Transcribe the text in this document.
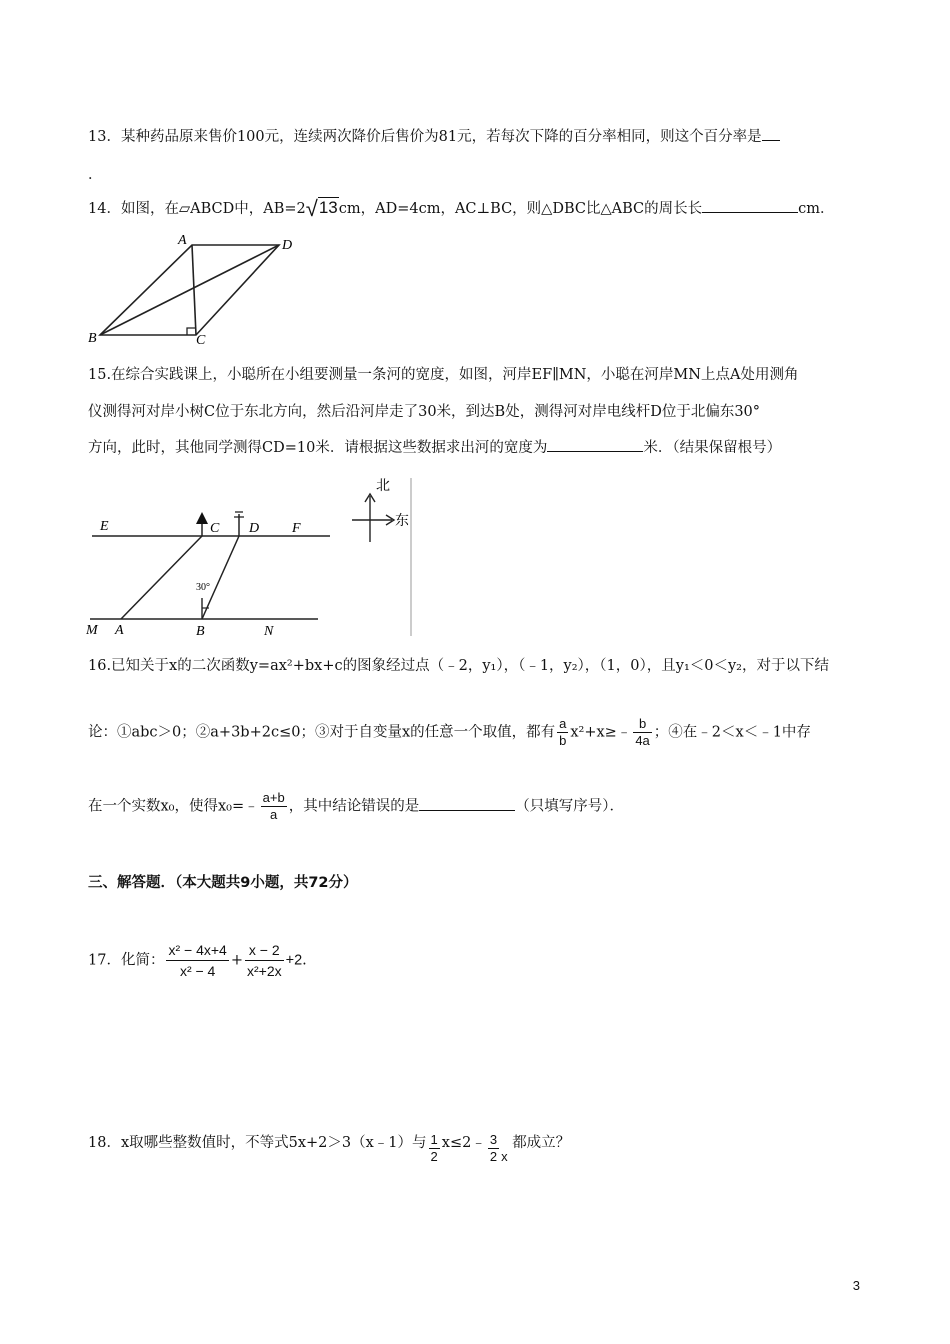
13．某种药品原来售价100元，连续两次降价后售价为81元，若每次下降的百分率相同，则这个百分率是
．
14．如图，在▱ABCD中，AB=2√13cm，AD=4cm，AC⊥BC，则△DBC比△ABC的周长长	cm．
A	D
B	C
15.在综合实践课上，小聪所在小组要测量一条河的宽度，如图，河岸EF∥MN，小聪在河岸MN上点A处用测角
仪测得河对岸小树C位于东北方向，然后沿河岸走了30米，到达B处，测得河对岸电线杆D位于北偏东30°
方向，此时，其他同学测得CD=10米．请根据这些数据求出河的宽度为	米．（结果保留根号）
30°
E	C D F
M A	B	N
北
东
16.已知关于x的二次函数y=ax²+bx+c的图象经过点（﹣2，y₁），（﹣1，y₂），（1，0），且y₁＜0＜y₂，对于以下结
论：①abc＞0；②a+3b+2c≤0；③对于自变量x的任意一个取值，都有 $\frac{a}{b}$ x²+x≥﹣ $\frac{b}{4a}$ ；④在﹣2＜x＜﹣1中存
在一个实数x₀，使得x₀=﹣ $\frac{a+b}{a}$ ，其中结论错误的是	（只填写序号）．
三、解答题．（本大题共9小题，共72分）
17．化简： $\frac{\text{x² − 4x+4}}{\text{x² − 4}} + \frac{x - 2}{\text{x²+2x}} +2$.
18．x取哪些整数值时，不等式5x+2＞3（x﹣1）与 $\frac{1}{2}$ x≤2﹣ $\frac{3}{2}$ x 都成立？
3
